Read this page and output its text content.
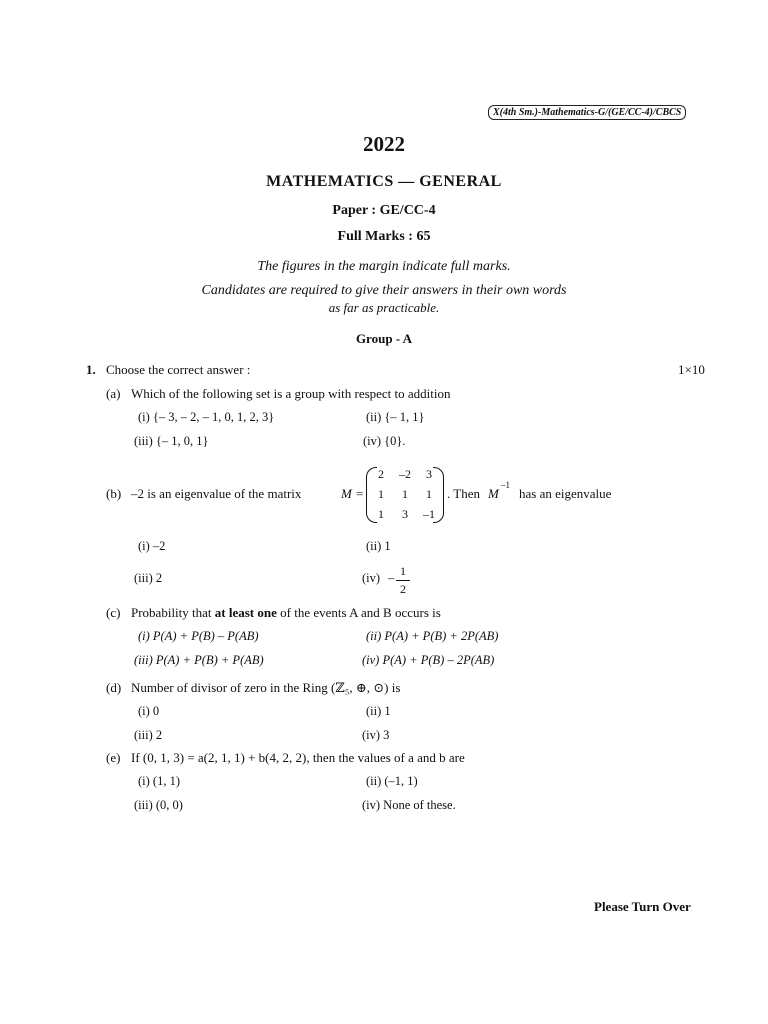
X(4th Sm.)-Mathematics-G/(GE/CC-4)/CBCS
2022
MATHEMATICS — GENERAL
Paper : GE/CC-4
Full Marks : 65
The figures in the margin indicate full marks.
Candidates are required to give their answers in their own words
as far as practicable.
Group - A
1. Choose the correct answer :	1×10
(a) Which of the following set is a group with respect to addition
(i) {– 3, – 2, – 1, 0, 1, 2, 3}	(ii) {– 1, 1}
(iii) {– 1, 0, 1}	(iv) {0}.
(b) –2 is an eigenvalue of the matrix	M =
2	–2	3
1	1	1
1	3	–1
. Then M
–1
has an eigenvalue
(i) –2	(ii) 1
(iii) 2	(iv) – 1
2
(c) Probability that at least one of the events A and B occurs is
(i) P(A) + P(B) – P(AB)	(ii) P(A) + P(B) + 2P(AB)
(iii) P(A) + P(B) + P(AB)	(iv) P(A) + P(B) – 2P(AB)
(d) Number of divisor of zero in the Ring (ℤ₅, ⊕, ⊙) is
(i) 0	(ii) 1
(iii) 2	(iv) 3
(e) If (0, 1, 3) = a(2, 1, 1) + b(4, 2, 2), then the values of a and b are
(i) (1, 1)	(ii) (–1, 1)
(iii) (0, 0)	(iv) None of these.
Please Turn Over
